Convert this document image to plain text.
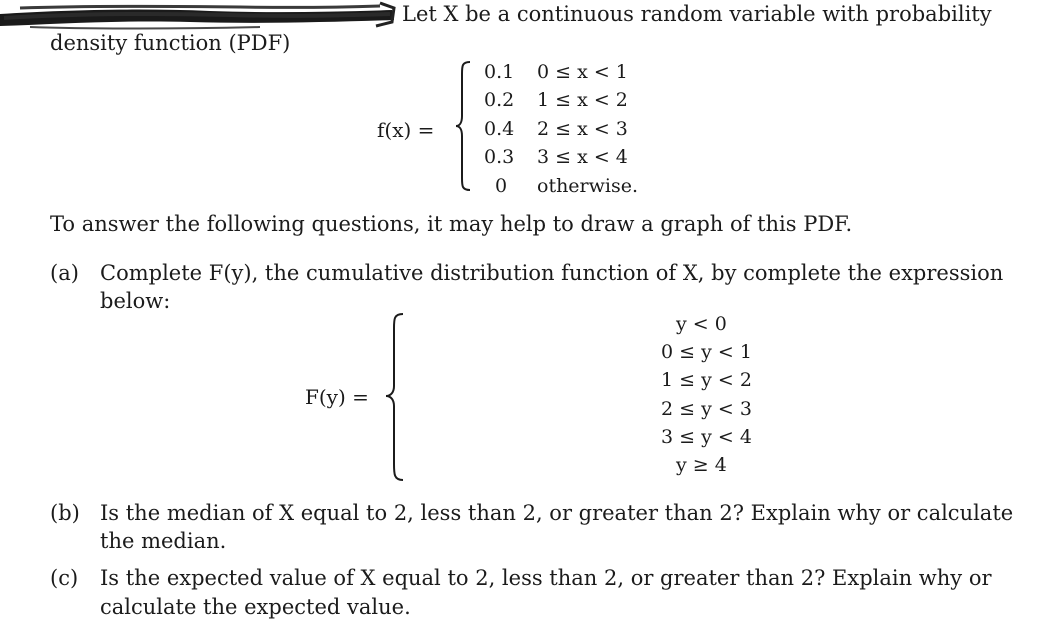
Let X be a continuous random variable with probability
density function (PDF)
f(x) =
0.1 0 ≤ x < 1
0.2 1 ≤ x < 2
0.4 2 ≤ x < 3
0.3 3 ≤ x < 4
0 otherwise.
To answer the following questions, it may help to draw a graph of this PDF.
(a) Complete F(y), the cumulative distribution function of X, by complete the expression
below:
F(y) =
y < 0
0 ≤ y < 1
1 ≤ y < 2
2 ≤ y < 3
3 ≤ y < 4
y ≥ 4
(b) Is the median of X equal to 2, less than 2, or greater than 2? Explain why or calculate
the median.
(c) Is the expected value of X equal to 2, less than 2, or greater than 2? Explain why or
calculate the expected value.
